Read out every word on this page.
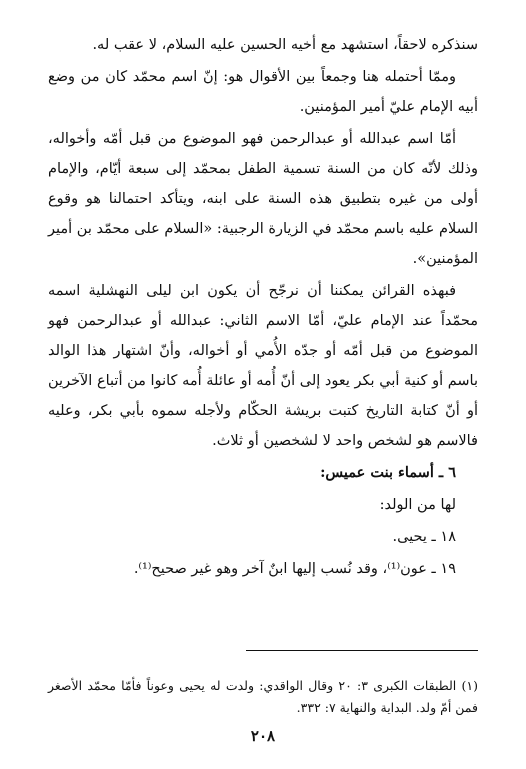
سنذكره لاحقاً، استشهد مع أخيه الحسين عليه السلام، لا عقب له.

وممّا أحتمله هنا وجمعاً بين الأقوال هو: إنّ اسم محمّد كان من وضع أبيه الإمام عليّ أمير المؤمنين.

أمّا اسم عبدالله أو عبدالرحمن فهو الموضوع من قبل أمّه وأخواله، وذلك لأنّه كان من السنة تسمية الطفل بمحمّد إلى سبعة أيّام، والإمام أولى من غيره بتطبيق هذه السنة على ابنه، ويتأكد احتمالنا هو وقوع السلام عليه باسم محمّد في الزيارة الرجبية: «السلام على محمّد بن أمير المؤمنين».

فبهذه القرائن يمكننا أن نرجّح أن يكون ابن ليلى النهشلية اسمه محمّداً عند الإمام عليّ، أمّا الاسم الثاني: عبدالله أو عبدالرحمن فهو الموضوع من قبل أمّه أو جدّه الأُمي أو أخواله، وأنّ اشتهار هذا الوالد باسم أو كنية أبي بكر يعود إلى أنّ أُمه أو عائلة أُمه كانوا من أتباع الآخرين أو أنّ كتابة التاريخ كتبت بريشة الحكّام ولأجله سموه بأبي بكر، وعليه فالاسم هو لشخص واحد لا لشخصين أو ثلاث.

٦ ـ أسماء بنت عميس:

لها من الولد:

١٨ ـ يحيى.

١٩ ـ عون⁽¹⁾، وقد نُسب إليها ابنٌ آخر وهو غير صحيح⁽¹⁾.

(١) الطبقات الكبرى ٣: ٢٠ وقال الواقدي: ولدت له يحيى وعوناً فأمّا محمّد الأصغر فمن أمّ ولد. البداية والنهاية ٧: ٣٣٢.

٢٠٨
